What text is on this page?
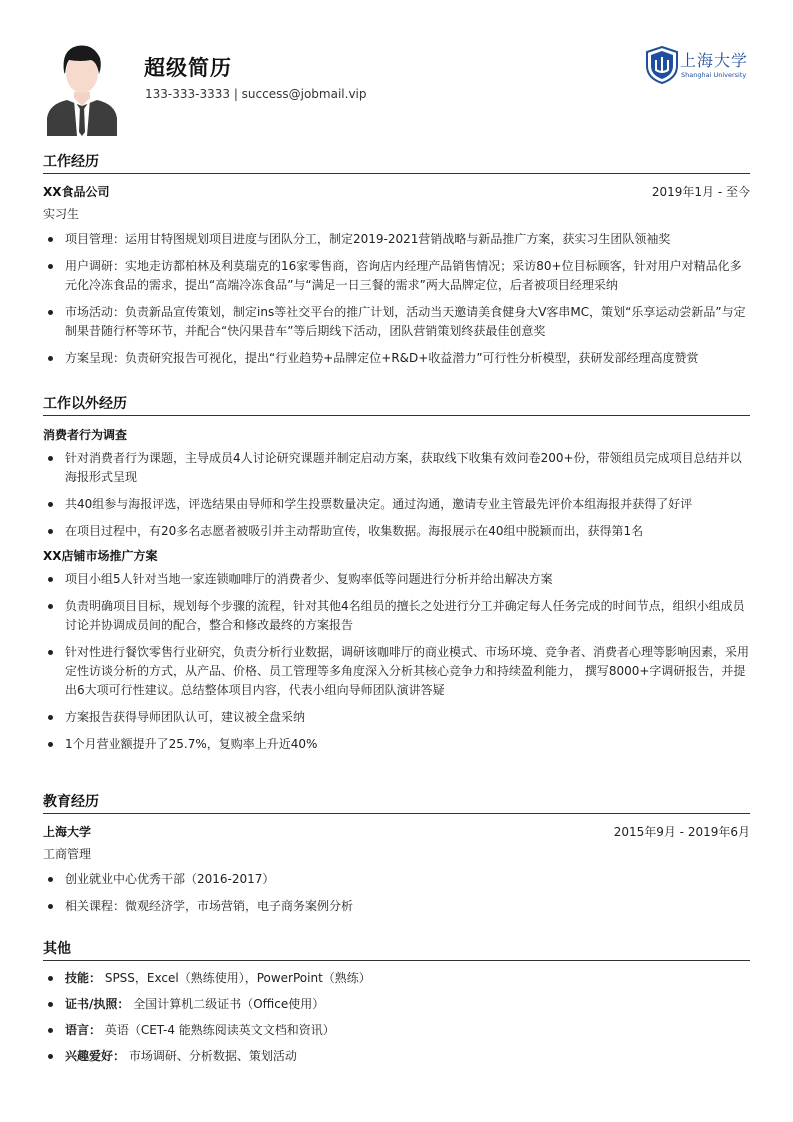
超级简历
133-333-3333 | success@jobmail.vip
上海大学
Shanghai University
工作经历
XX食品公司	2019年1月 - 至今
实习生
项目管理：运用甘特图规划项目进度与团队分工，制定2019-2021营销战略与新品推广方案，获实习生团队领袖奖
用户调研：实地走访都柏林及利莫瑞克的16家零售商，咨询店内经理产品销售情况；采访80+位目标顾客，针对用户对精品化多元化冷冻食品的需求，提出“高端冷冻食品”与“满足一日三餐的需求”两大品牌定位，后者被项目经理采纳
市场活动：负责新品宣传策划，制定ins等社交平台的推广计划，活动当天邀请美食健身大V客串MC，策划“乐享运动尝新品”与定制果昔随行杯等环节，并配合“快闪果昔车”等后期线下活动，团队营销策划终获最佳创意奖
方案呈现：负责研究报告可视化，提出“行业趋势+品牌定位+R&D+收益潜力”可行性分析模型，获研发部经理高度赞赏
工作以外经历
消费者行为调查
针对消费者行为课题，主导成员4人讨论研究课题并制定启动方案，获取线下收集有效问卷200+份，带领组员完成项目总结并以海报形式呈现
共40组参与海报评选，评选结果由导师和学生投票数量决定。通过沟通，邀请专业主管最先评价本组海报并获得了好评
在项目过程中，有20多名志愿者被吸引并主动帮助宣传，收集数据。海报展示在40组中脱颖而出，获得第1名
XX店铺市场推广方案
项目小组5人针对当地一家连锁咖啡厅的消费者少、复购率低等问题进行分析并给出解决方案
负责明确项目目标，规划每个步骤的流程，针对其他4名组员的擅长之处进行分工并确定每人任务完成的时间节点，组织小组成员讨论并协调成员间的配合，整合和修改最终的方案报告
针对性进行餐饮零售行业研究，负责分析行业数据，调研该咖啡厅的商业模式、市场环境、竞争者、消费者心理等影响因素，采用定性访谈分析的方式，从产品、价格、员工管理等多角度深入分析其核心竞争力和持续盈利能力， 撰写8000+字调研报告，并提出6大项可行性建议。总结整体项目内容，代表小组向导师团队演讲答疑
方案报告获得导师团队认可，建议被全盘采纳
1个月营业额提升了25.7%，复购率上升近40%
教育经历
上海大学	2015年9月 - 2019年6月
工商管理
创业就业中心优秀干部（2016-2017）
相关课程：微观经济学，市场营销，电子商务案例分析
其他
技能： SPSS，Excel（熟练使用），PowerPoint（熟练）
证书/执照： 全国计算机二级证书（Office使用）
语言： 英语（CET-4 能熟练阅读英文文档和资讯）
兴趣爱好： 市场调研、分析数据、策划活动
